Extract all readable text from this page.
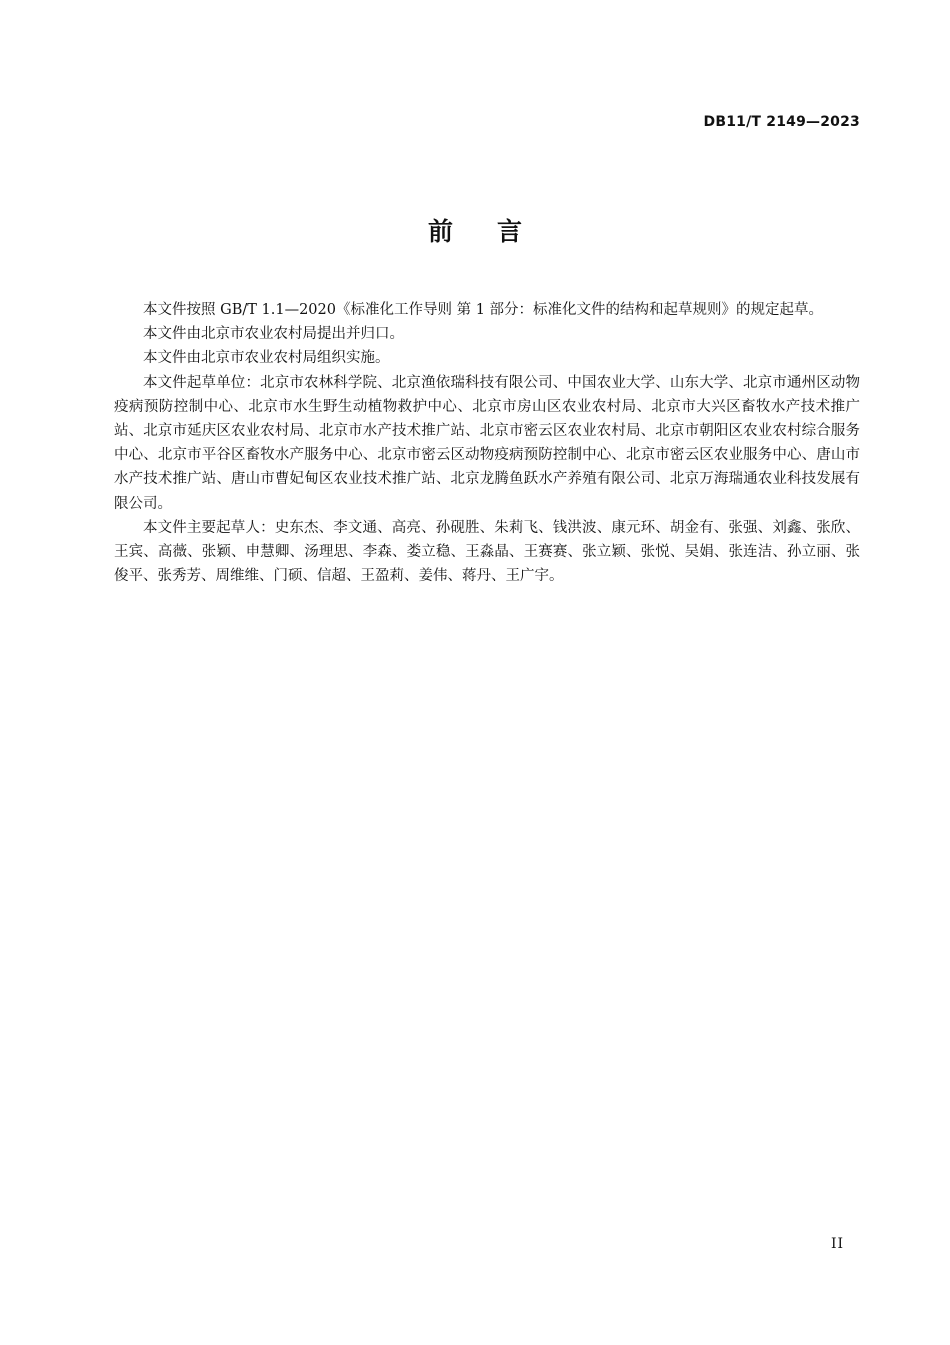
DB11/T 2149—2023
前言

本文件按照 GB/T 1.1—2020《标准化工作导则 第 1 部分：标准化文件的结构和起草规则》的规定起草。

本文件由北京市农业农村局提出并归口。

本文件由北京市农业农村局组织实施。

本文件起草单位：北京市农林科学院、北京渔依瑞科技有限公司、中国农业大学、山东大学、北京市通州区动物疫病预防控制中心、北京市水生野生动植物救护中心、北京市房山区农业农村局、北京市大兴区畜牧水产技术推广站、北京市延庆区农业农村局、北京市水产技术推广站、北京市密云区农业农村局、北京市朝阳区农业农村综合服务中心、北京市平谷区畜牧水产服务中心、北京市密云区动物疫病预防控制中心、北京市密云区农业服务中心、唐山市水产技术推广站、唐山市曹妃甸区农业技术推广站、北京龙腾鱼跃水产养殖有限公司、北京万海瑞通农业科技发展有限公司。

本文件主要起草人：史东杰、李文通、高亮、孙砚胜、朱莉飞、钱洪波、康元环、胡金有、张强、刘鑫、张欣、王宾、高薇、张颖、申慧卿、汤理思、李森、娄立稳、王淼晶、王赛赛、张立颖、张悦、吴娟、张连洁、孙立丽、张俊平、张秀芳、周维维、门硕、信超、王盈莉、姜伟、蒋丹、王广宇。

II
